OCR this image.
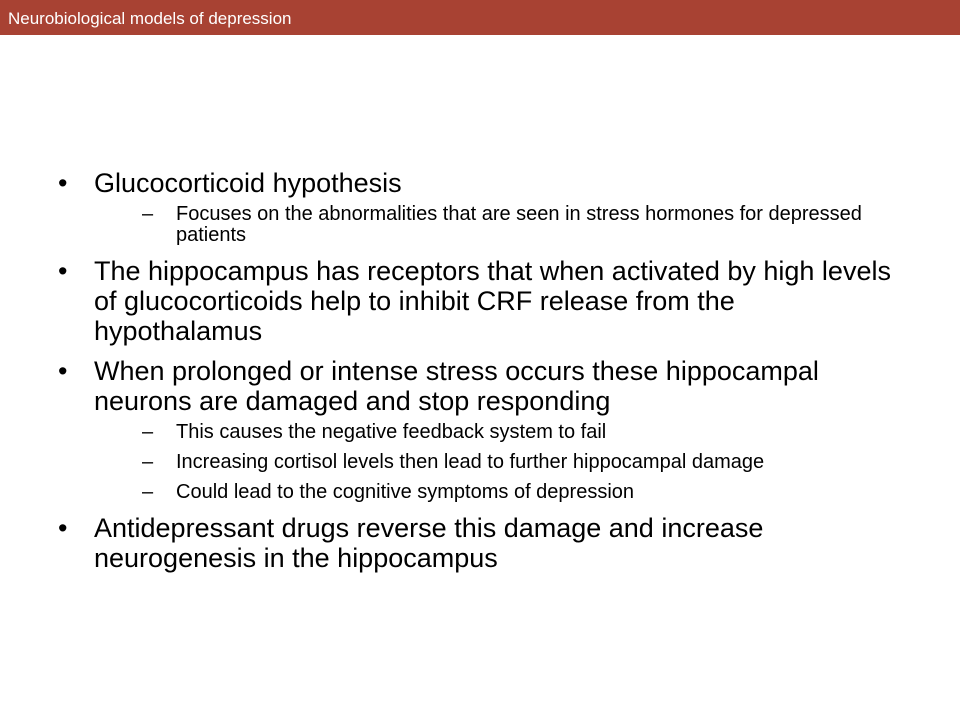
Neurobiological models of depression
• Glucocorticoid hypothesis
– Focuses on the abnormalities that are seen in stress hormones for depressed patients
• The hippocampus has receptors that when activated by high levels of glucocorticoids help to inhibit CRF release from the hypothalamus
• When prolonged or intense stress occurs these hippocampal neurons are damaged and stop responding
– This causes the negative feedback system to fail
– Increasing cortisol levels then lead to further hippocampal damage
– Could lead to the cognitive symptoms of depression
• Antidepressant drugs reverse this damage and increase neurogenesis in the hippocampus
